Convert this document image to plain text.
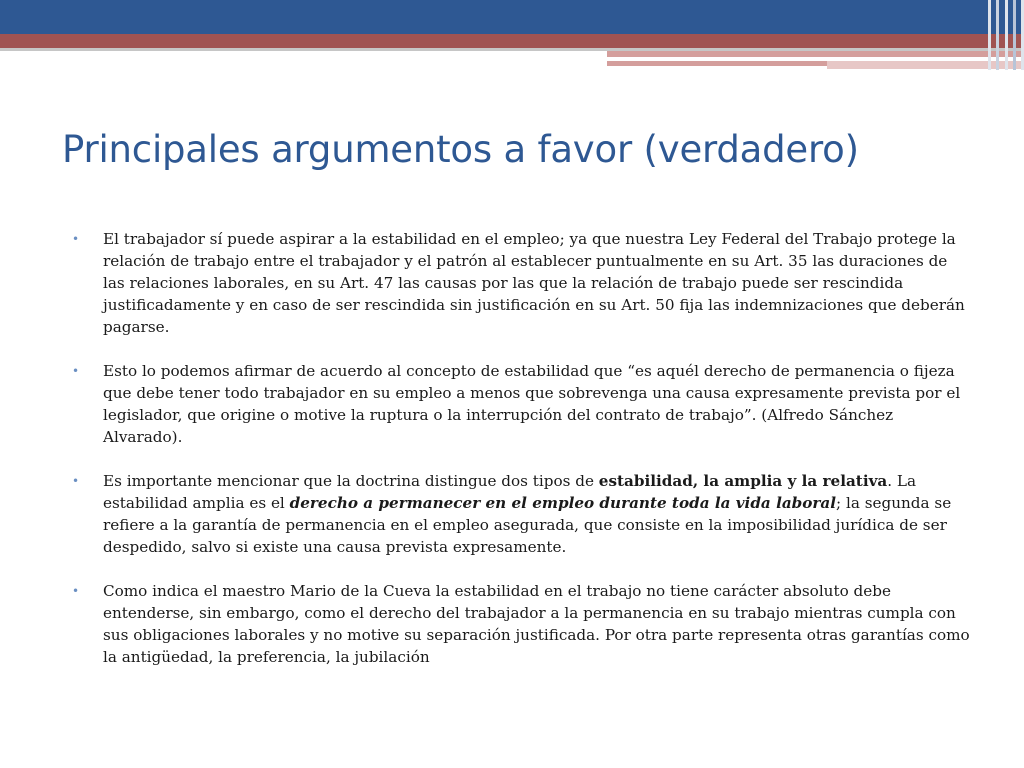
Principales argumentos a favor (verdadero)
• El trabajador sí puede aspirar a la estabilidad en el empleo; ya que nuestra Ley Federal del Trabajo protege la relación de trabajo entre el trabajador y el patrón al establecer puntualmente en su Art. 35 las duraciones de las relaciones laborales, en su Art. 47 las causas por las que la relación de trabajo puede ser rescindida justificadamente y en caso de ser rescindida sin justificación en su Art. 50 fija las indemnizaciones que deberán pagarse.
• Esto lo podemos afirmar de acuerdo al concepto de estabilidad que “es aquél derecho de permanencia o fijeza que debe tener todo trabajador en su empleo a menos que sobrevenga una causa expresamente prevista por el legislador, que origine o motive la ruptura o la interrupción del contrato de trabajo”. (Alfredo Sánchez Alvarado).
• Es importante mencionar que la doctrina distingue dos tipos de estabilidad, la amplia y la relativa. La estabilidad amplia es el derecho a permanecer en el empleo durante toda la vida laboral; la segunda se refiere a la garantía de permanencia en el empleo asegurada, que consiste en la imposibilidad jurídica de ser despedido, salvo si existe una causa prevista expresamente.
• Como indica el maestro Mario de la Cueva la estabilidad en el trabajo no tiene carácter absoluto debe entenderse, sin embargo, como el derecho del trabajador a la permanencia en su trabajo mientras cumpla con sus obligaciones laborales y no motive su separación justificada. Por otra parte representa otras garantías como la antigüedad, la preferencia, la jubilación
